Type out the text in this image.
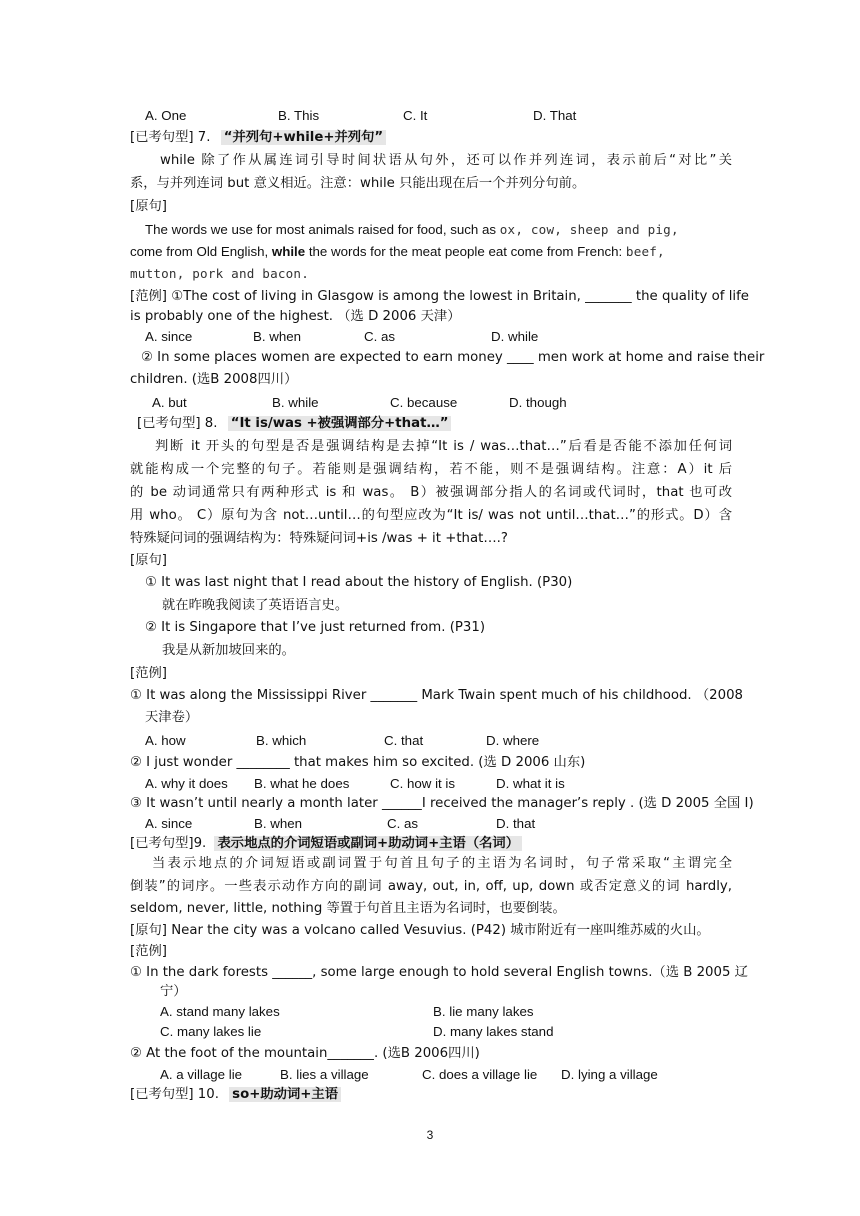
A. One	B. This	C. It	D. That
[已考句型] 7. “并列句+while+并列句”
while 除了作从属连词引导时间状语从句外，还可以作并列连词，表示前后“对比”关
系，与并列连词 but 意义相近。注意：while 只能出现在后一个并列分句前。
[原句]
The words we use for most animals raised for food, such as ox, cow, sheep and pig,
come from Old English, while the words for the meat people eat come from French: beef,
mutton, pork and bacon.
[范例] ①The cost of living in Glasgow is among the lowest in Britain, _______ the quality of life
is probably one of the highest. （选 D 2006 天津）
A. since	B. when	C. as	D. while
② In some places women are expected to earn money ____ men work at home and raise their
children. (选B 2008四川）
A. but	B. while	C. because	D. though
[已考句型] 8. “It is/was +被强调部分+that…”
判断 it 开头的句型是否是强调结构是去掉“It is / was…that…”后看是否能不添加任何词
就能构成一个完整的句子。若能则是强调结构，若不能，则不是强调结构。注意：A）it 后
的 be 动词通常只有两种形式 is 和 was。 B）被强调部分指人的名词或代词时，that 也可改
用 who。 C）原句为含 not…until…的句型应改为“It is/ was not until…that…”的形式。D）含
特殊疑问词的强调结构为：特殊疑问词+is /was + it +that….?
[原句]
① It was last night that I read about the history of English. (P30)
就在昨晚我阅读了英语语言史。
② It is Singapore that I’ve just returned from. (P31)
我是从新加坡回来的。
[范例]
① It was along the Mississippi River _______ Mark Twain spent much of his childhood. （2008
天津卷）
A. how	B. which	C. that	D. where
② I just wonder ________ that makes him so excited. (选 D 2006 山东)
A. why it does B. what he does	C. how it is	D. what it is
③ It wasn’t until nearly a month later ______I received the manager’s reply . (选 D 2005 全国 I)
A. since	B. when	C. as	D. that
[已考句型]9. 表示地点的介词短语或副词+助动词+主语（名词）
当表示地点的介词短语或副词置于句首且句子的主语为名词时，句子常采取“主谓完全
倒装”的词序。一些表示动作方向的副词 away, out, in, off, up, down 或否定意义的词 hardly,
seldom, never, little, nothing 等置于句首且主语为名词时，也要倒装。
[原句] Near the city was a volcano called Vesuvius. (P42) 城市附近有一座叫维苏威的火山。
[范例]
① In the dark forests ______, some large enough to hold several English towns.（选 B 2005 辽
宁）
A. stand many lakes	B. lie many lakes
C. many lakes lie	D. many lakes stand
② At the foot of the mountain_______. (选B 2006四川)
A. a village lie	B. lies a village	C. does a village lie D. lying a village
[已考句型] 10. so+助动词+主语
3
